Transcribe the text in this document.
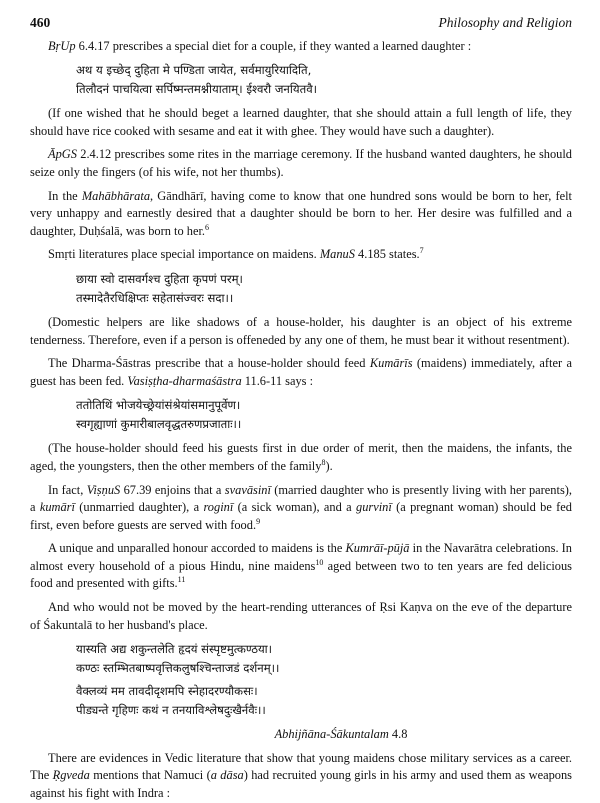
460	Philosophy and Religion

BṛUp 6.4.17 prescribes a special diet for a couple, if they wanted a learned daughter :

अथ य इच्छेद् दुहिता मे पण्डिता जायेत, सर्वमायुरियादिति,
तिलौदनं पाचयित्वा सर्पिष्मन्तमश्नीयाताम्। ईश्वरौ जनयितवै।

(If one wished that he should beget a learned daughter, that she should attain a full length of life, they should have rice cooked with sesame and eat it with ghee. They would have such a daughter).

ĀpGS 2.4.12 prescribes some rites in the marriage ceremony. If the husband wanted daughters, he should seize only the fingers (of his wife, not her thumbs).

In the Mahābhārata, Gāndhārī, having come to know that one hundred sons would be born to her, felt very unhappy and earnestly desired that a daughter should be born to her. Her desire was fulfilled and a daughter, Duḥśalā, was born to her.$^6$

Smṛti literatures place special importance on maidens. ManuS 4.185 states.$^7$

छाया स्वो दासवर्गश्च दुहिता कृपणं परम्।
तस्मादेतैरधिक्षिप्तः सहेतासंज्वरः सदा।।

(Domestic helpers are like shadows of a house-holder, his daughter is an object of his extreme tenderness. Therefore, even if a person is offeneded by any one of them, he must bear it without resentment).

The Dharma-Śāstras prescribe that a house-holder should feed Kumārīs (maidens) immediately, after a guest has been fed. Vasiṣṭha-dharmaśāstra 11.6-11 says :

ततोतिथिं भोजयेच्छ्रेयांसंश्रेयांसमानुपूर्वेण।
स्वगृह्याणां कुमारीबालवृद्धतरुणप्रजाताः।।

(The house-holder should feed his guests first in due order of merit, then the maidens, the infants, the aged, the youngsters, then the other members of the family$^8$).

In fact, ViṣṇuS 67.39 enjoins that a svavāsinī (married daughter who is presently living with her parents), a kumārī (unmarried daughter), a roginī (a sick woman), and a gurvinī (a pregnant woman) should be fed first, even before guests are served with food.$^9$

A unique and unparalled honour accorded to maidens is the Kumrāī-pūjā in the Navarātra celebrations. In almost every household of a pious Hindu, nine maidens$^{10}$ aged between two to ten years are fed delicious food and presented with gifts.$^{11}$

And who would not be moved by the heart-rending utterances of Ṛsi Kaṇva on the eve of the departure of Śakuntalā to her husband's place.

यास्यति अद्य शकुन्तलेति हृदयं संस्पृष्टमुत्कण्ठया।
कण्ठः स्तम्भितबाष्पवृत्तिकलुषश्चिन्ताजडं दर्शनम्।।
वैक्लव्यं मम तावदीदृशमपि स्नेहादरण्यौकसः।
पीड्यन्ते गृहिणः कथं न तनयाविश्लेषदुःखैर्नवैः।।
Abhijñāna-Śākuntalam 4.8

There are evidences in Vedic literature that show that young maidens chose military services as a career. The Ṛgveda mentions that Namuci (a dāsa) had recruited young girls in his army and used them as weapons against his fight with Indra :
